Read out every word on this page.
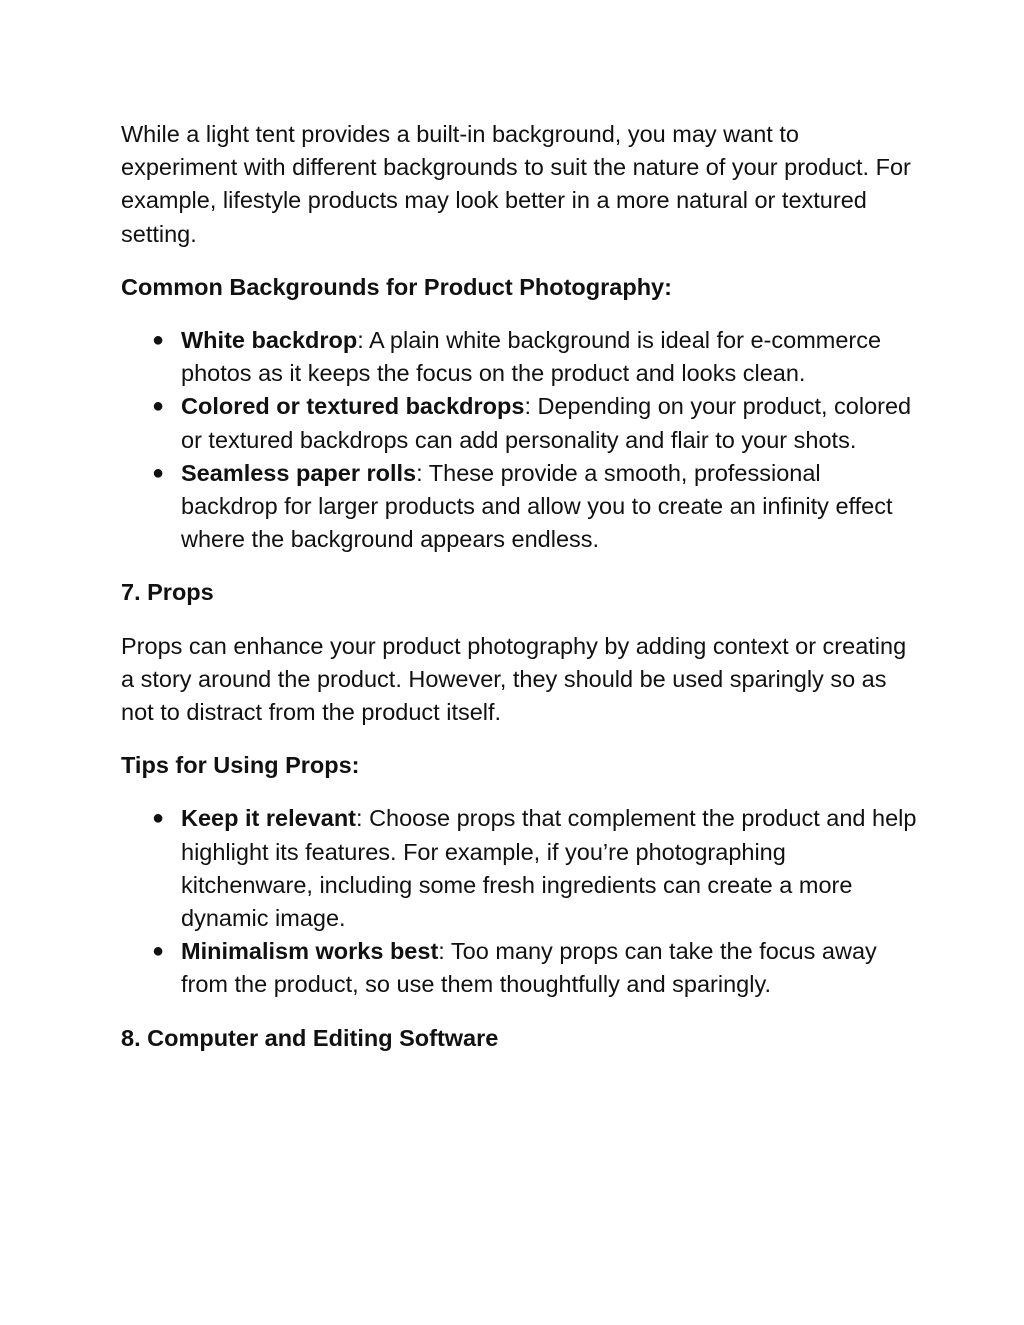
While a light tent provides a built-in background, you may want to experiment with different backgrounds to suit the nature of your product. For example, lifestyle products may look better in a more natural or textured setting.

Common Backgrounds for Product Photography:

● White backdrop: A plain white background is ideal for e-commerce photos as it keeps the focus on the product and looks clean.
● Colored or textured backdrops: Depending on your product, colored or textured backdrops can add personality and flair to your shots.
● Seamless paper rolls: These provide a smooth, professional backdrop for larger products and allow you to create an infinity effect where the background appears endless.

7. Props

Props can enhance your product photography by adding context or creating a story around the product. However, they should be used sparingly so as not to distract from the product itself.

Tips for Using Props:

● Keep it relevant: Choose props that complement the product and help highlight its features. For example, if you’re photographing kitchenware, including some fresh ingredients can create a more dynamic image.
● Minimalism works best: Too many props can take the focus away from the product, so use them thoughtfully and sparingly.

8. Computer and Editing Software
